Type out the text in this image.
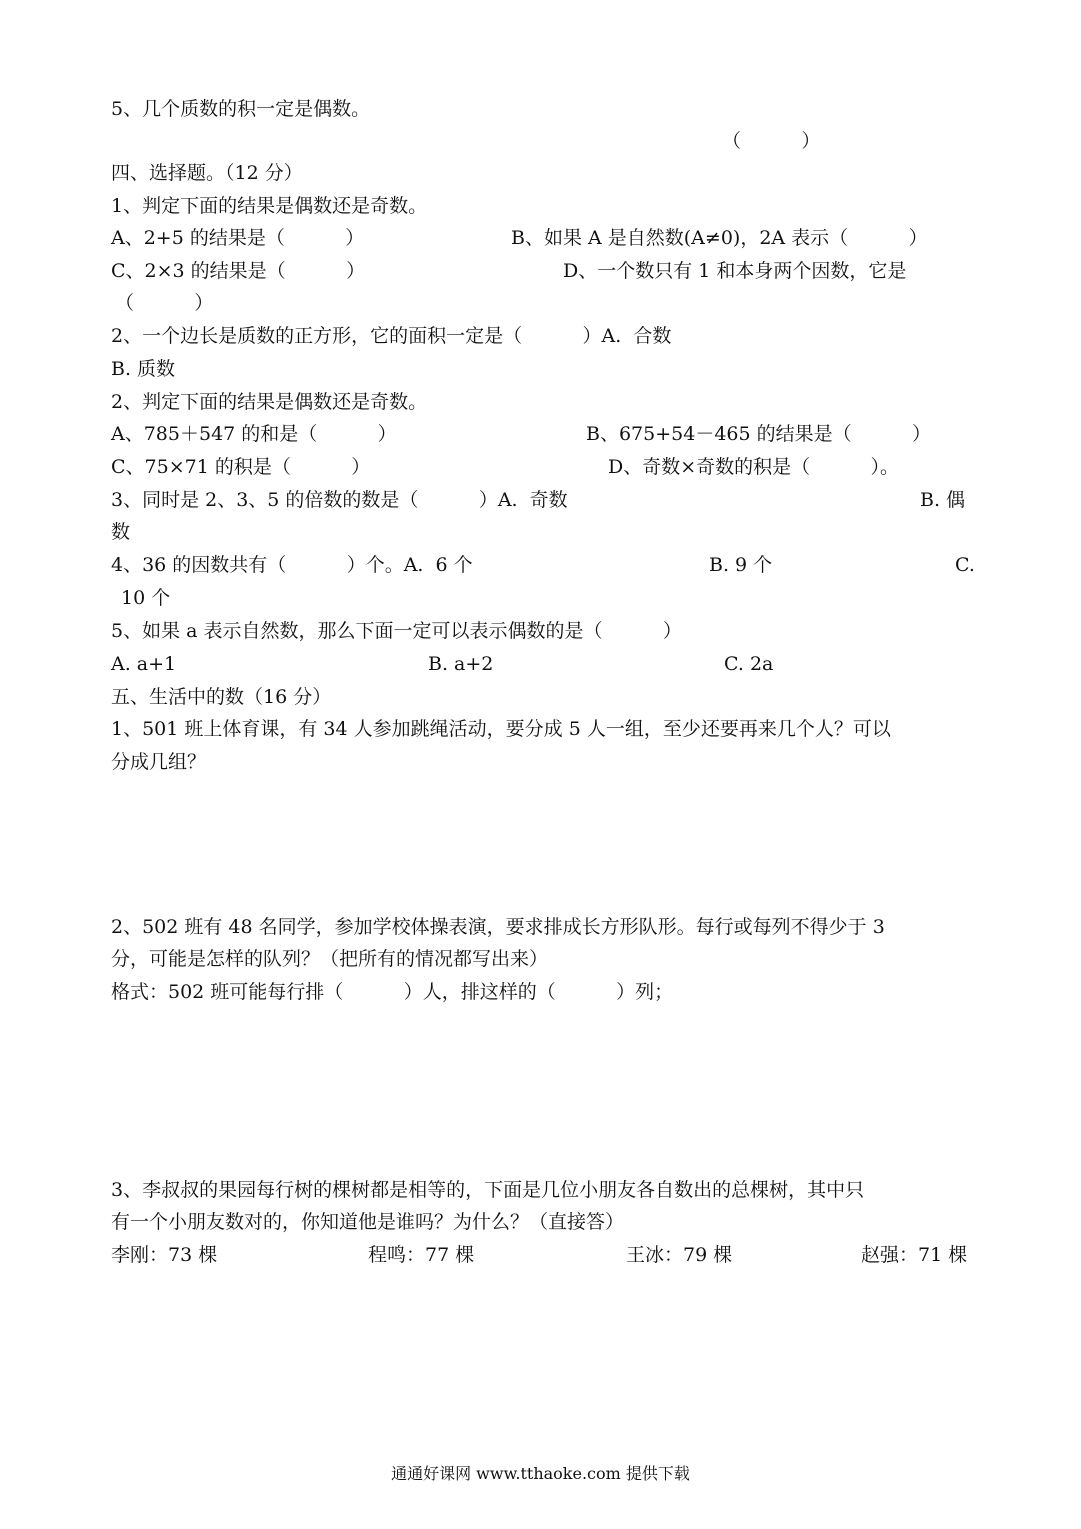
5、几个质数的积一定是偶数。
（          ）
四、选择题。（12 分）
1、判定下面的结果是偶数还是奇数。
A、2+5 的结果是（          ）	B、如果 A 是自然数(A≠0)，2A 表示（          ）
C、2×3 的结果是（          ）	D、一个数只有 1 和本身两个因数，它是
（          ）
2、一个边长是质数的正方形，它的面积一定是（          ）A.  合数
B. 质数
2、判定下面的结果是偶数还是奇数。
A、785＋547 的和是（          ）	B、675+54－465 的结果是（          ）
C、75×71 的积是（          ）	D、奇数×奇数的积是（          ）。
3、同时是 2、3、5 的倍数的数是（          ）A.  奇数	B. 偶
数
4、36 的因数共有（          ）个。A.  6 个	B. 9 个	C.
10 个
5、如果 a 表示自然数，那么下面一定可以表示偶数的是（          ）
A. a+1	B. a+2	C. 2a
五、生活中的数（16 分）
1、501 班上体育课，有 34 人参加跳绳活动，要分成 5 人一组，至少还要再来几个人？可以
分成几组？
2、502 班有 48 名同学，参加学校体操表演，要求排成长方形队形。每行或每列不得少于 3
分，可能是怎样的队列？（把所有的情况都写出来）
格式：502 班可能每行排（          ）人，排这样的（          ）列；
3、李叔叔的果园每行树的棵树都是相等的，下面是几位小朋友各自数出的总棵树，其中只
有一个小朋友数对的，你知道他是谁吗？为什么？（直接答）
李刚：73 棵	程鸣：77 棵	王冰：79 棵	赵强：71 棵
通通好课网 www.tthaoke.com 提供下载
